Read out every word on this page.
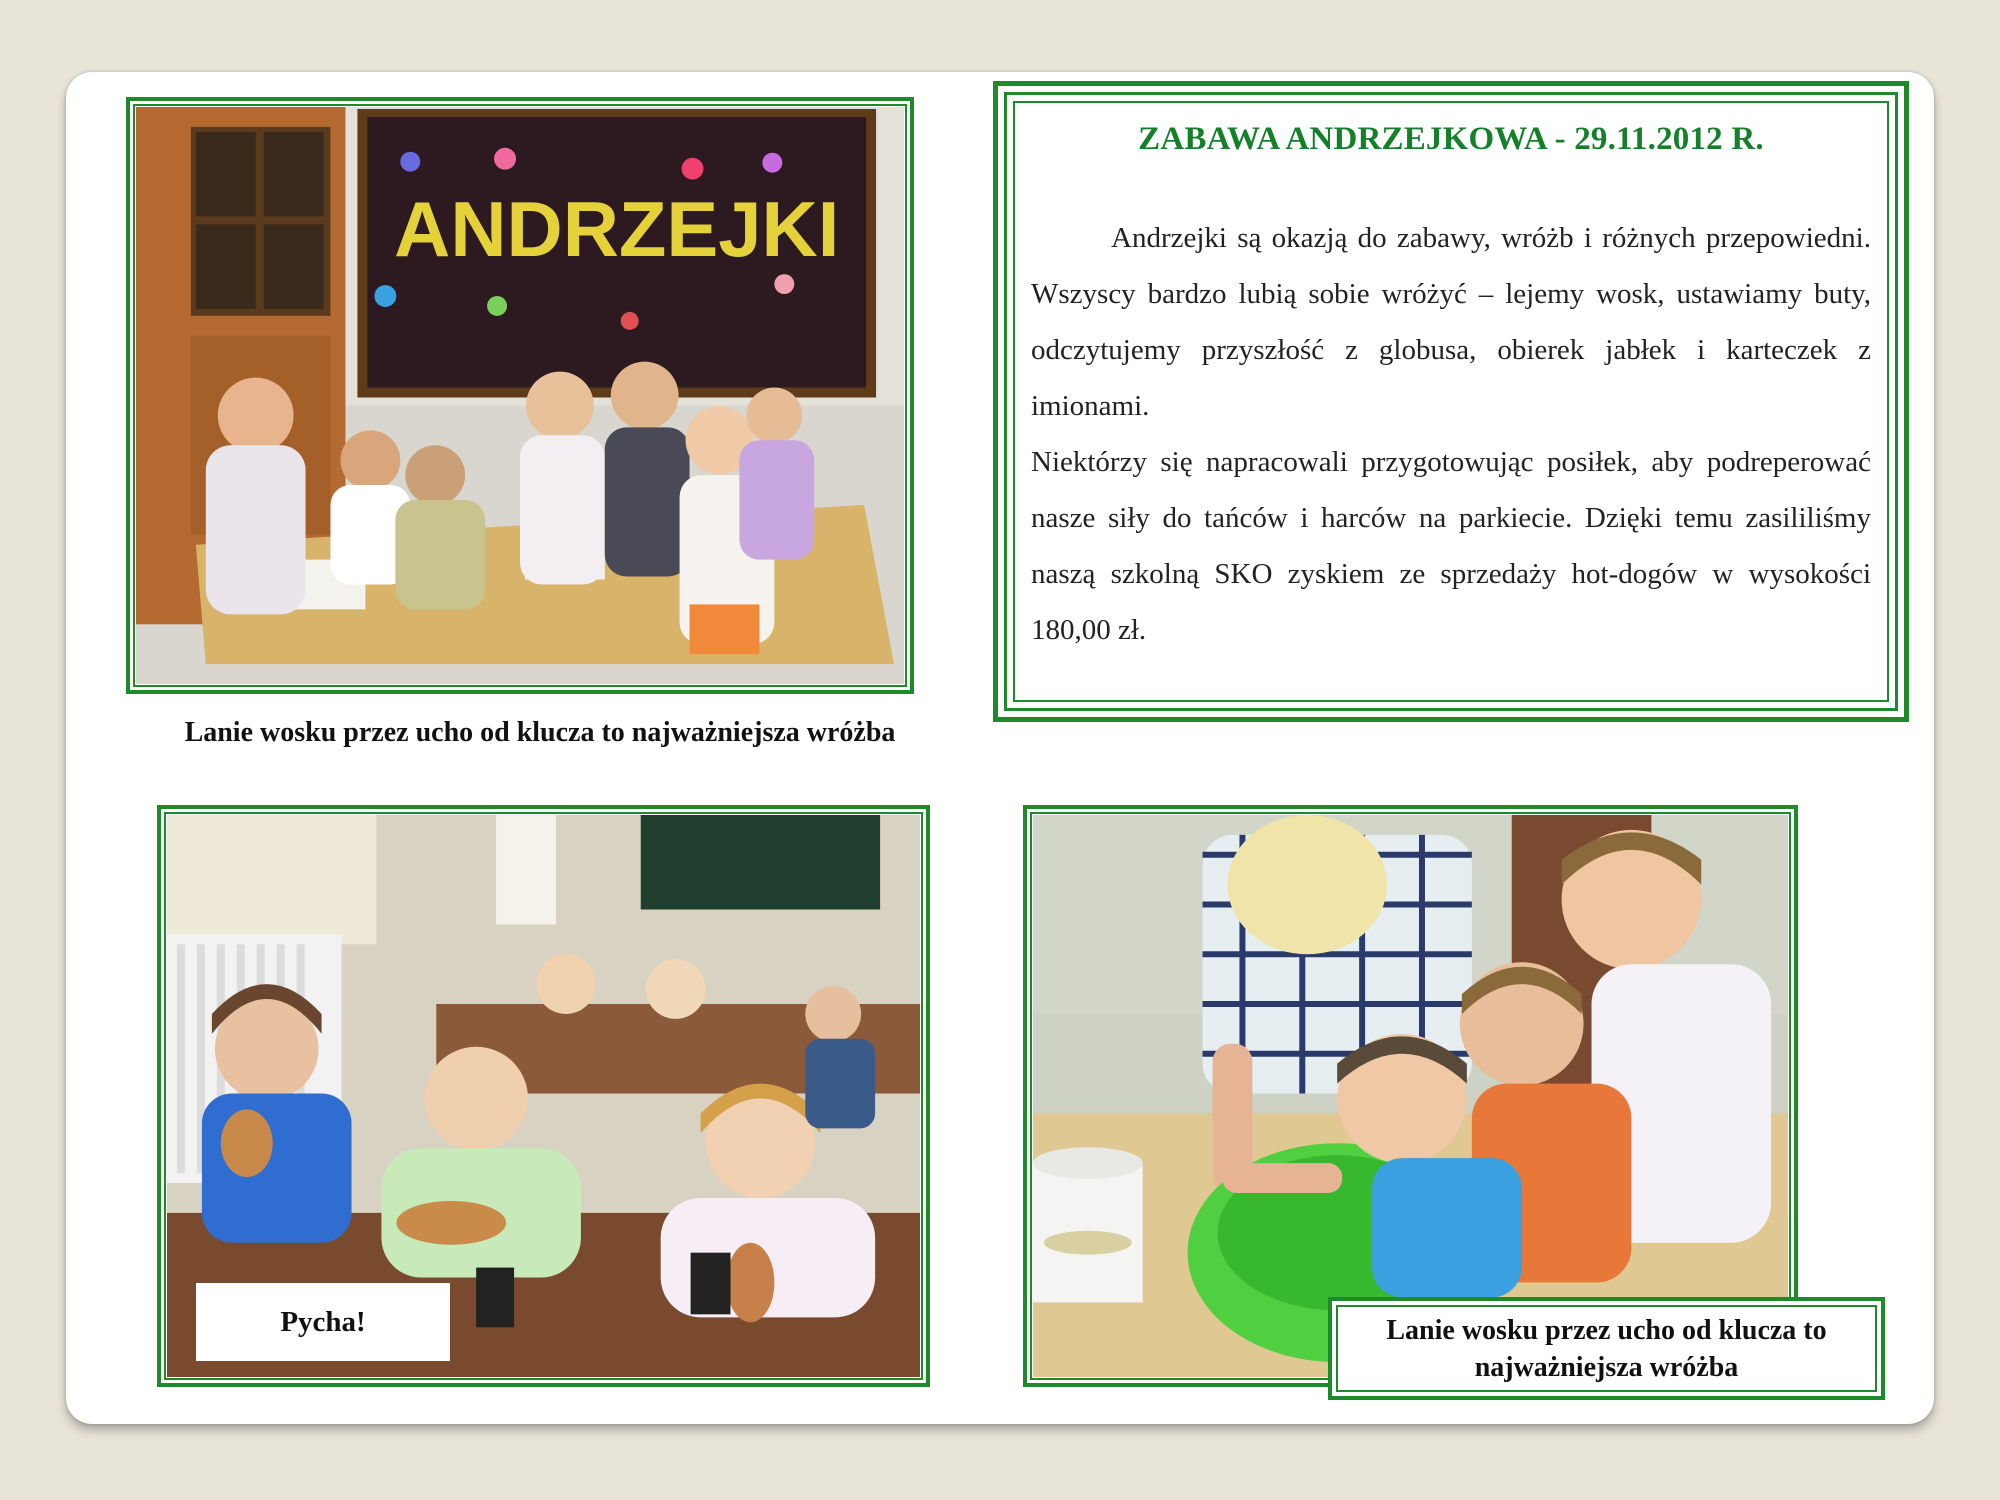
ANDRZEJKI
Lanie wosku przez ucho od klucza to najważniejsza wróżba
ZABAWA ANDRZEJKOWA - 29.11.2012 R.

Andrzejki są okazją do zabawy, wróżb i różnych przepowiedni. Wszyscy bardzo lubią sobie wróżyć – lejemy wosk, ustawiamy buty, odczytujemy przyszłość z globusa, obierek jabłek i karteczek z imionami.
Niektórzy się napracowali przygotowując posiłek, aby podreperować nasze siły do tańców i harców na parkiecie. Dzięki temu zasililiśmy naszą szkolną SKO zyskiem ze sprzedaży hot-dogów w wysokości 180,00 zł.

Pycha!	Lanie wosku przez ucho od klucza to najważniejsza wróżba
